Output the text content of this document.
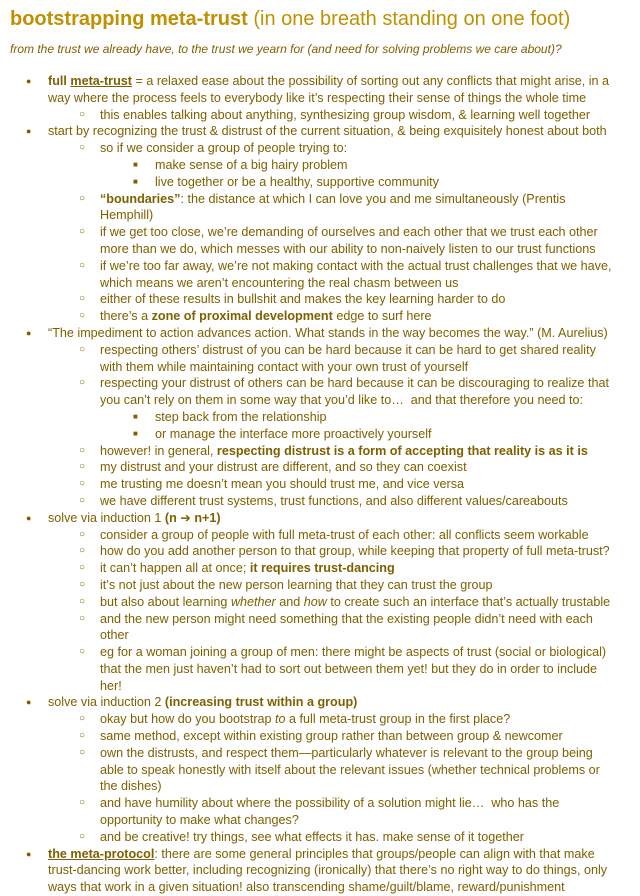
bootstrapping meta-trust (in one breath standing on one foot)

from the trust we already have, to the trust we yearn for (and need for solving problems we care about)?

● full meta-trust = a relaxed ease about the possibility of sorting out any conflicts that might arise, in a way where the process feels to everybody like it’s respecting their sense of things the whole time
○ this enables talking about anything, synthesizing group wisdom, & learning well together
● start by recognizing the trust & distrust of the current situation, & being exquisitely honest about both
○ so if we consider a group of people trying to:
■ make sense of a big hairy problem
■ live together or be a healthy, supportive community
○ “boundaries”: the distance at which I can love you and me simultaneously (Prentis Hemphill)
○ if we get too close, we’re demanding of ourselves and each other that we trust each other more than we do, which messes with our ability to non-naively listen to our trust functions
○ if we’re too far away, we’re not making contact with the actual trust challenges that we have, which means we aren’t encountering the real chasm between us
○ either of these results in bullshit and makes the key learning harder to do
○ there’s a zone of proximal development edge to surf here
● “The impediment to action advances action. What stands in the way becomes the way.” (M. Aurelius)
○ respecting others’ distrust of you can be hard because it can be hard to get shared reality with them while maintaining contact with your own trust of yourself
○ respecting your distrust of others can be hard because it can be discouraging to realize that you can’t rely on them in some way that you’d like to…  and that therefore you need to:
■ step back from the relationship
■ or manage the interface more proactively yourself
○ however! in general, respecting distrust is a form of accepting that reality is as it is
○ my distrust and your distrust are different, and so they can coexist
○ me trusting me doesn’t mean you should trust me, and vice versa
○ we have different trust systems, trust functions, and also different values/careabouts
● solve via induction 1 (n ➔ n+1)
○ consider a group of people with full meta-trust of each other: all conflicts seem workable
○ how do you add another person to that group, while keeping that property of full meta-trust?
○ it can’t happen all at once; it requires trust-dancing
○ it’s not just about the new person learning that they can trust the group
○ but also about learning whether and how to create such an interface that’s actually trustable
○ and the new person might need something that the existing people didn’t need with each other
○ eg for a woman joining a group of men: there might be aspects of trust (social or biological) that the men just haven’t had to sort out between them yet! but they do in order to include her!
● solve via induction 2 (increasing trust within a group)
○ okay but how do you bootstrap to a full meta-trust group in the first place?
○ same method, except within existing group rather than between group & newcomer
○ own the distrusts, and respect them—particularly whatever is relevant to the group being able to speak honestly with itself about the relevant issues (whether technical problems or the dishes)
○ and have humility about where the possibility of a solution might lie…  who has the opportunity to make what changes?
○ and be creative! try things, see what effects it has. make sense of it together
● the meta-protocol: there are some general principles that groups/people can align with that make trust-dancing work better, including recognizing (ironically) that there’s no right way to do things, only ways that work in a given situation! also transcending shame/guilt/blame, reward/punishment
